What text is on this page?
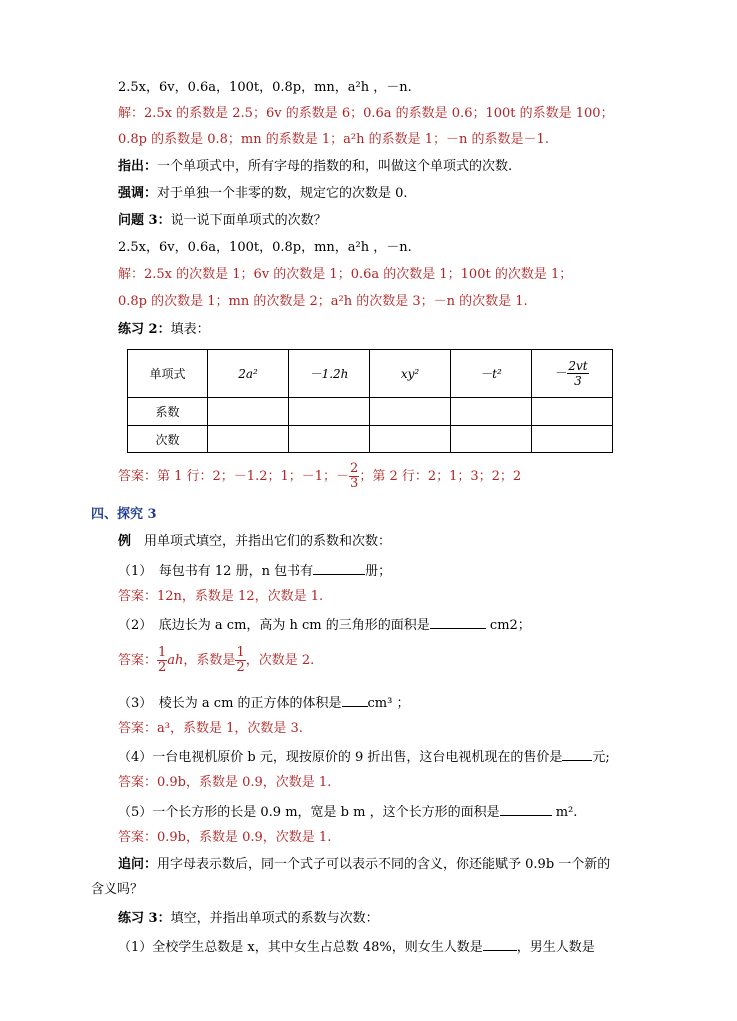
2.5x，6v，0.6a，100t，0.8p，mn，a²h ，－n.
解：2.5x 的系数是 2.5；6v 的系数是 6；0.6a 的系数是 0.6；100t 的系数是 100；
0.8p 的系数是 0.8；mn 的系数是 1；a²h 的系数是 1；－n 的系数是－1.
指出：一个单项式中，所有字母的指数的和，叫做这个单项式的次数.
强调：对于单独一个非零的数，规定它的次数是 0.
问题 3：说一说下面单项式的次数？
2.5x，6v，0.6a，100t，0.8p，mn，a²h ，－n.
解：2.5x 的次数是 1；6v 的次数是 1；0.6a 的次数是 1；100t 的次数是 1；
0.8p 的次数是 1；mn 的次数是 2；a²h 的次数是 3；－n 的次数是 1.
练习 2：填表：
单项式	2a²	－1.2h	xy²	－t²	－ $\frac{2vt}{3}$

系数					
次数					
答案：第 1 行：2；－1.2；1；－1；－ $\frac{2}{3}$ ；第 2 行：2；1；3；2；2
四、探究 3
例　 用单项式填空，并指出它们的系数和次数：
（1）　每包书有 12 册，n 包书有	册；
答案：12n，系数是 12，次数是 1.
（2）　底边长为 a cm，高为 h cm 的三角形的面积是	cm2；
答案： $\frac{1}{2}$ ah，系数是 $\frac{1}{2}$ ，次数是 2.
（3）　棱长为 a cm 的正方体的体积是 cm³ ；
答案：a³，系数是 1，次数是 3.
（4）一台电视机原价 b 元，现按原价的 9 折出售，这台电视机现在的售价是 元;
答案：0.9b，系数是 0.9，次数是 1.
（5）一个长方形的长是 0.9 m，宽是 b m ，这个长方形的面积是	m².
答案：0.9b，系数是 0.9，次数是 1.
追问：用字母表示数后，同一个式子可以表示不同的含义，你还能赋予 0.9b 一个新的
含义吗？
练习 3：填空，并指出单项式的系数与次数：
（1）全校学生总数是 x，其中女生占总数 48%，则女生人数是	，男生人数是
